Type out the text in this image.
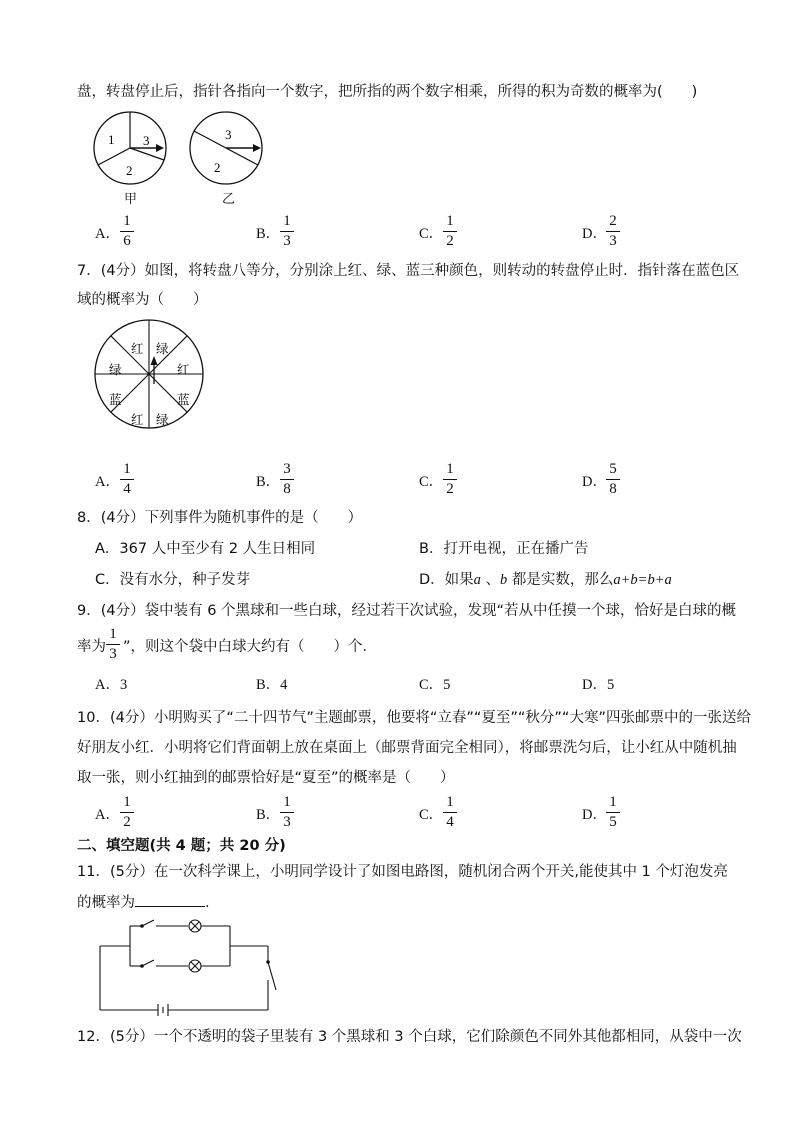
盘，转盘停止后，指针各指向一个数字，把所指的两个数字相乘，所得的积为奇数的概率为(　　)
1 3
2
3
2
甲	乙
A．
1
6	B．
1
3	C．
1
2	D．
2
3
7．(4分）如图，将转盘八等分，分别涂上红、绿、蓝三种颜色，则转动的转盘停止时．指针落在蓝色区
域的概率为（　　）
红 绿
红
蓝
绿
红
蓝
绿
A．
1
4	B．
3
8	C．
1
2	D．
5
8
8．(4分）下列事件为随机事件的是（　　）
A．367 人中至少有 2 人生日相同	B．打开电视，正在播广告
C．没有水分，种子发芽	D．如果a 、b 都是实数，那么a+b=b+a
9．(4分）袋中装有 6 个黑球和一些白球，经过若干次试验，发现“若从中任摸一个球，恰好是白球的概
率为
1
3 ”，则这个袋中白球大约有（　　）个．
A．3	B．4	C．5	D．5
10．(4分）小明购买了“二十四节气”主题邮票，他要将“立春”“夏至”“秋分”“大寒”四张邮票中的一张送给
好朋友小红．小明将它们背面朝上放在桌面上（邮票背面完全相同），将邮票洗匀后，让小红从中随机抽
取一张，则小红抽到的邮票恰好是“夏至”的概率是（　　）
A．
1
2	B．
1
3	C．
1
4	D．
1
5
二、填空题(共 4 题；共 20 分)
11．(5分）在一次科学课上，小明同学设计了如图电路图，随机闭合两个开关,能使其中 1 个灯泡发亮
的概率为	．
12．(5分）一个不透明的袋子里装有 3 个黑球和 3 个白球，它们除颜色不同外其他都相同，从袋中一次
